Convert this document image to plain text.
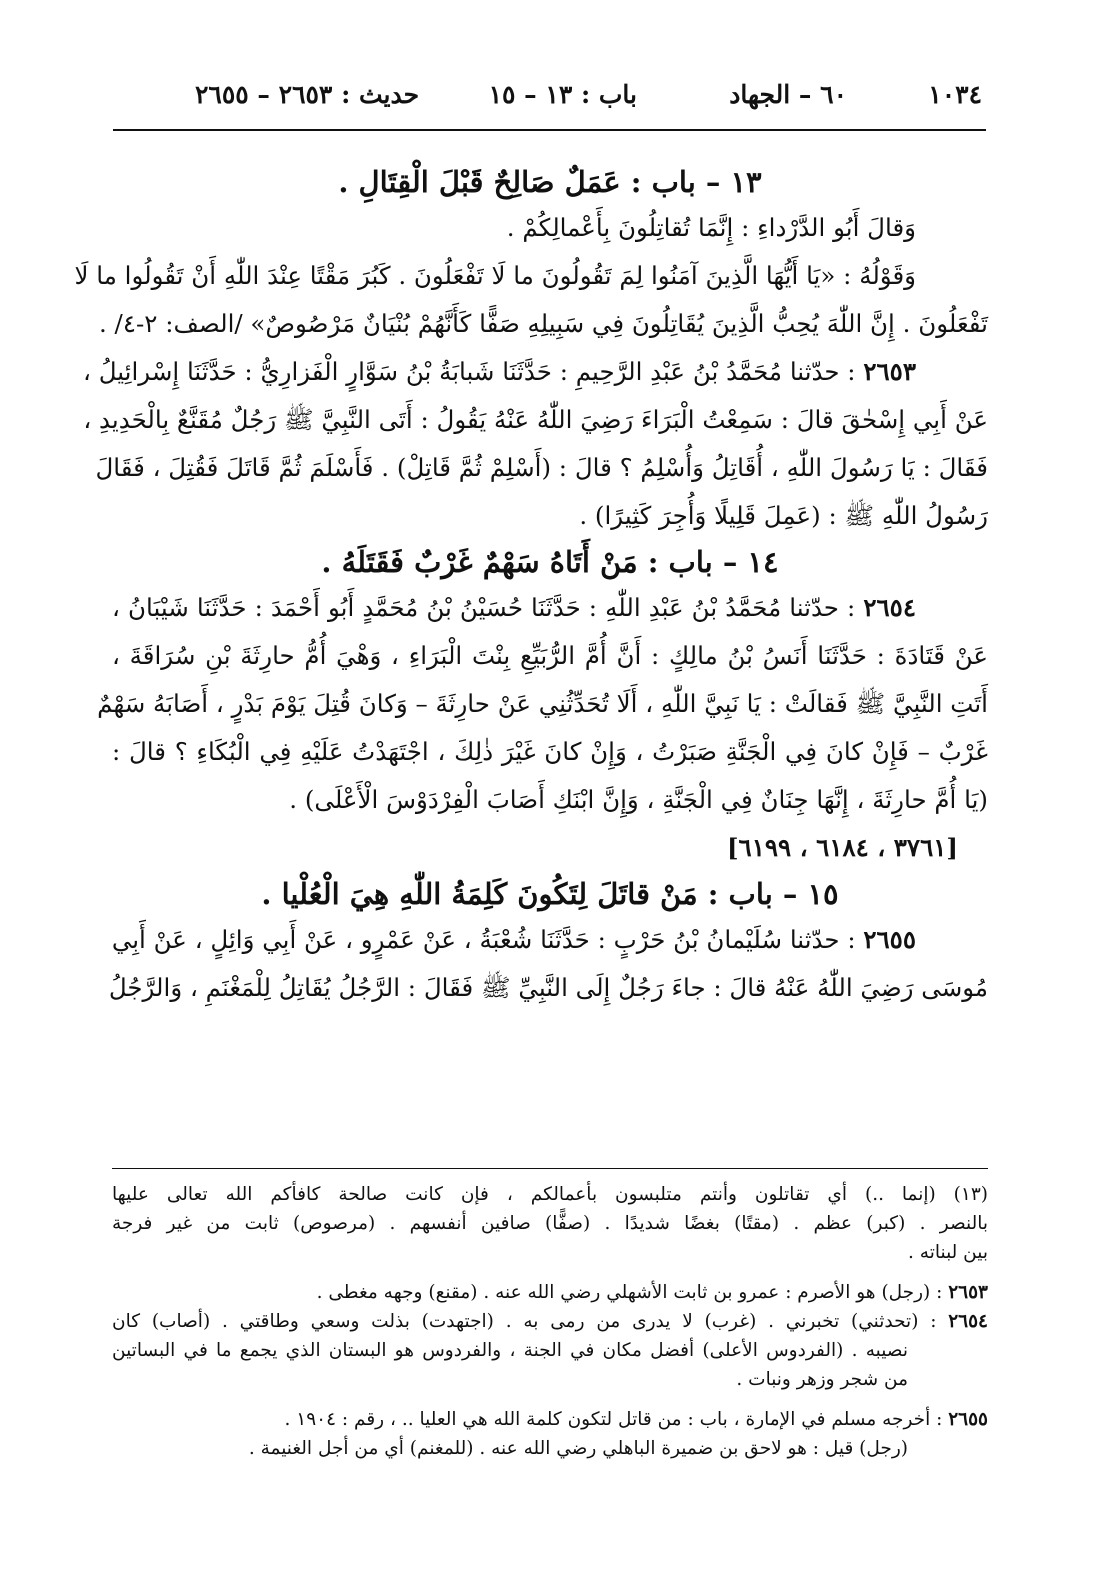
١٠٣٤
٦٠ – الجهاد
باب : ١٣ – ١٥
حديث : ٢٦٥٣ – ٢٦٥٥
١٣ – باب : عَمَلٌ صَالِحٌ قَبْلَ الْقِتَالِ .
وَقالَ أَبُو الدَّرْداءِ : إِنَّمَا تُقاتِلُونَ بِأَعْمالِكُمْ .
وَقَوْلُهُ : «يَا أَيُّهَا الَّذِينَ آمَنُوا لِمَ تَقُولُونَ ما لَا تَفْعَلُونَ . كَبُرَ مَقْتًا عِنْدَ اللّٰهِ أَنْ تَقُولُوا ما لَا
تَفْعَلُونَ . إِنَّ اللّٰهَ يُحِبُّ الَّذِينَ يُقَاتِلُونَ فِي سَبِيلِهِ صَفًّا كَأَنَّهُمْ بُنْيَانٌ مَرْصُوصٌ» /الصف: ٢-٤/ .
٢٦٥٣ : حدّثنا مُحَمَّدُ بْنُ عَبْدِ الرَّحِيمِ : حَدَّثَنَا شَبابَةُ بْنُ سَوَّارٍ الْفَزارِيُّ : حَدَّثَنَا إِسْرائِيلُ ،
عَنْ أَبِي إِسْحٰقَ قالَ : سَمِعْتُ الْبَرَاءَ رَضِيَ اللّٰهُ عَنْهُ يَقُولُ : أَتَى النَّبِيَّ ﷺ رَجُلٌ مُقَنَّعٌ بِالْحَدِيدِ ،
فَقَالَ : يَا رَسُولَ اللّٰهِ ، أُقَاتِلُ وَأُسْلِمُ ؟ قالَ : (أَسْلِمْ ثُمَّ قَاتِلْ) . فَأَسْلَمَ ثُمَّ قَاتَلَ فَقُتِلَ ، فَقَالَ
رَسُولُ اللّٰهِ ﷺ : (عَمِلَ قَلِيلًا وَأُجِرَ كَثِيرًا) .
١٤ – باب : مَنْ أَتَاهُ سَهْمٌ غَرْبٌ فَقَتَلَهُ .
٢٦٥٤ : حدّثنا مُحَمَّدُ بْنُ عَبْدِ اللّٰهِ : حَدَّثَنَا حُسَيْنُ بْنُ مُحَمَّدٍ أَبُو أَحْمَدَ : حَدَّثَنَا شَيْبَانُ ،
عَنْ قَتَادَةَ : حَدَّثَنَا أَنَسُ بْنُ مالِكٍ : أَنَّ أُمَّ الرُّبَيِّعِ بِنْتَ الْبَرَاءِ ، وَهْيَ أُمُّ حارِثَةَ بْنِ سُرَاقَةَ ،
أَتَتِ النَّبِيَّ ﷺ فَقالَتْ : يَا نَبِيَّ اللّٰهِ ، أَلَا تُحَدِّثُنِي عَنْ حارِثَةَ – وَكانَ قُتِلَ يَوْمَ بَدْرٍ ، أَصَابَهُ سَهْمٌ
غَرْبٌ – فَإِنْ كانَ فِي الْجَنَّةِ صَبَرْتُ ، وَإِنْ كانَ غَيْرَ ذٰلِكَ ، اجْتَهَدْتُ عَلَيْهِ فِي الْبُكَاءِ ؟ قالَ :
(يَا أُمَّ حارِثَةَ ، إِنَّهَا جِنَانٌ فِي الْجَنَّةِ ، وَإِنَّ ابْنَكِ أَصَابَ الْفِرْدَوْسَ الْأَعْلَى) .
[٣٧٦١ ، ٦١٨٤ ، ٦١٩٩]
١٥ – باب : مَنْ قاتَلَ لِتَكُونَ كَلِمَةُ اللّٰهِ هِيَ الْعُلْيا .
٢٦٥٥ : حدّثنا سُلَيْمانُ بْنُ حَرْبٍ : حَدَّثَنَا شُعْبَةُ ، عَنْ عَمْرٍو ، عَنْ أَبِي وَائِلٍ ، عَنْ أَبِي
مُوسَى رَضِيَ اللّٰهُ عَنْهُ قالَ : جاءَ رَجُلٌ إِلَى النَّبِيِّ ﷺ فَقَالَ : الرَّجُلُ يُقَاتِلُ لِلْمَغْنَمِ ، وَالرَّجُلُ
(١٣) (إنما ..) أي تقاتلون وأنتم متلبسون بأعمالكم ، فإن كانت صالحة كافأكم الله تعالى عليها
بالنصر . (كبر) عظم . (مقتًا) بغضًا شديدًا . (صفًّا) صافين أنفسهم . (مرصوص) ثابت من غير فرجة
بين لبناته .
٢٦٥٣ : (رجل) هو الأصرم : عمرو بن ثابت الأشهلي رضي الله عنه . (مقنع) وجهه مغطى .
٢٦٥٤ : (تحدثني) تخبرني . (غرب) لا يدرى من رمى به . (اجتهدت) بذلت وسعي وطاقتي . (أصاب) كان
نصيبه . (الفردوس الأعلى) أفضل مكان في الجنة ، والفردوس هو البستان الذي يجمع ما في البساتين
من شجر وزهر ونبات .
٢٦٥٥ : أخرجه مسلم في الإمارة ، باب : من قاتل لتكون كلمة الله هي العليا .. ، رقم : ١٩٠٤ .
(رجل) قيل : هو لاحق بن ضميرة الباهلي رضي الله عنه . (للمغنم) أي من أجل الغنيمة .
